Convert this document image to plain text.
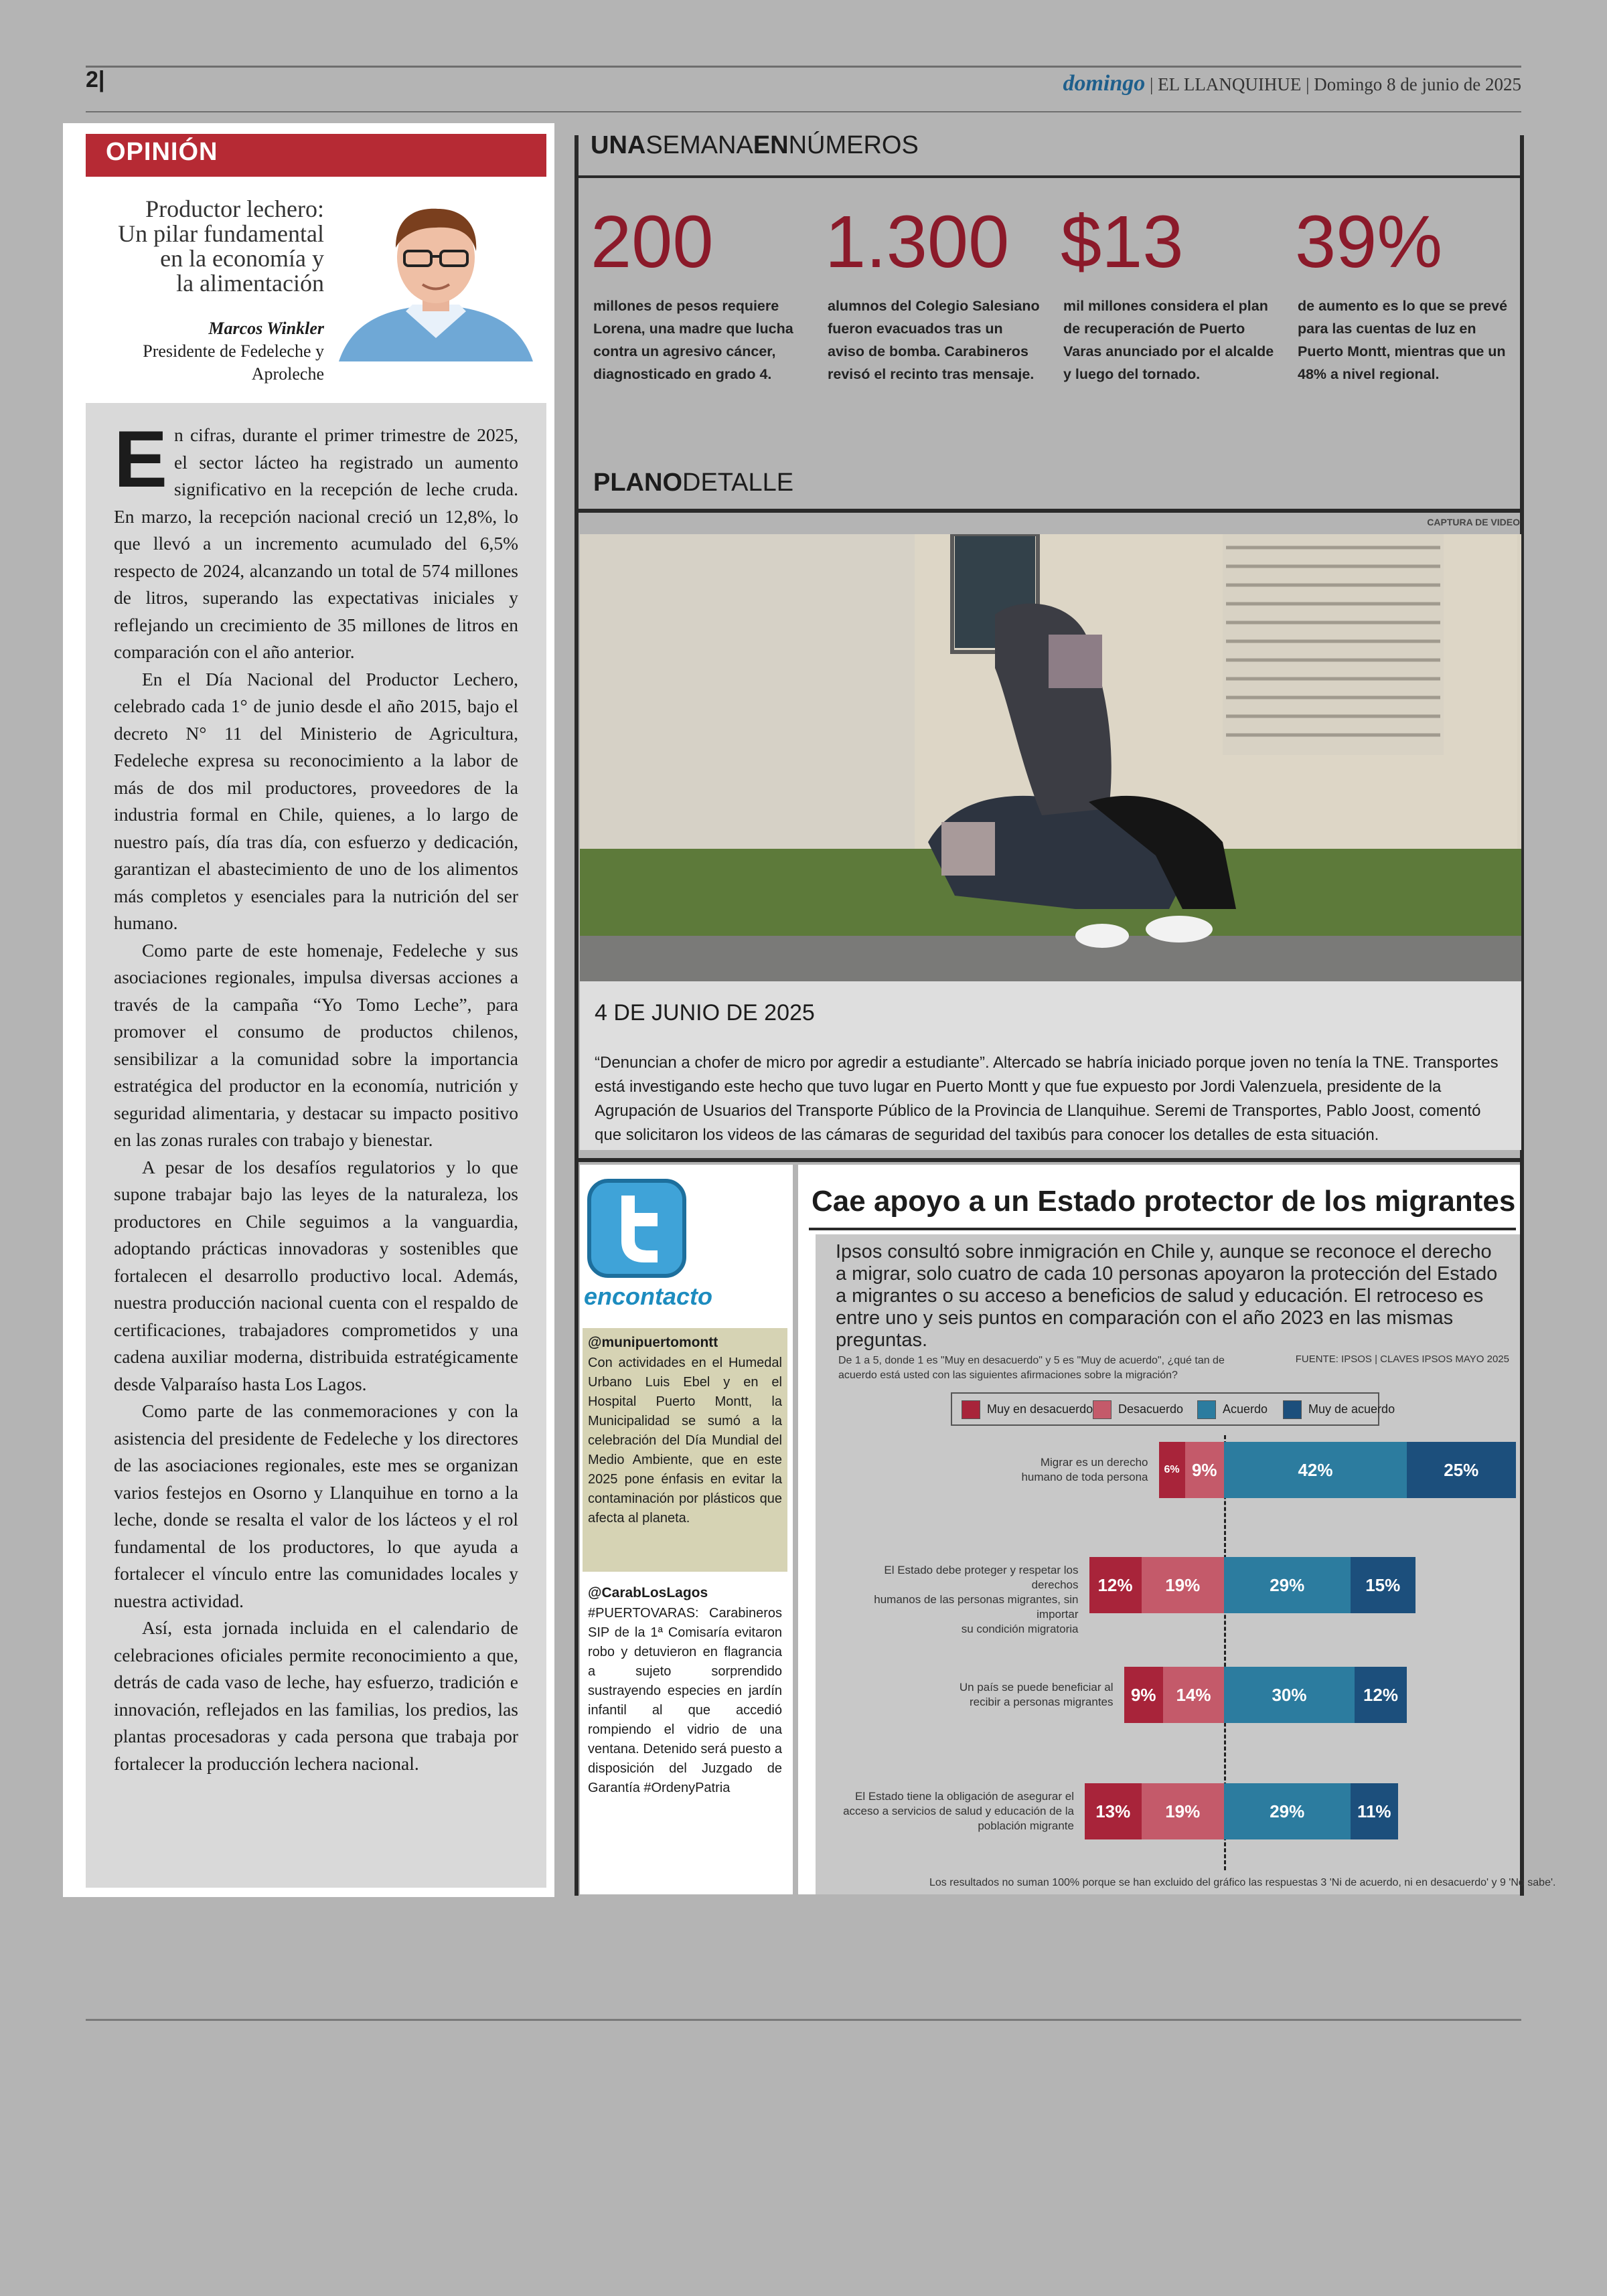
2|	domingo | EL LLANQUIHUE | Domingo 8 de junio de 2025
OPINIÓN
Productor lechero:
Un pilar fundamental
en la economía y
la alimentación
Marcos Winkler
Presidente de Fedeleche y
Aproleche

En cifras, durante el primer trimestre de 2025, el sector lácteo ha registrado un aumento significativo en la recepción de leche cruda. En marzo, la recepción nacional creció un 12,8%, lo que llevó a un incremento acumulado del 6,5% respecto de 2024, alcanzando un total de 574 millones de litros, superando las expectativas iniciales y reflejando un crecimiento de 35 millones de litros en comparación con el año anterior.

En el Día Nacional del Productor Lechero, celebrado cada 1° de junio desde el año 2015, bajo el decreto N° 11 del Ministerio de Agricultura, Fedeleche expresa su reconocimiento a la labor de más de dos mil productores, proveedores de la industria formal en Chile, quienes, a lo largo de nuestro país, día tras día, con esfuerzo y dedicación, garantizan el abastecimiento de uno de los alimentos más completos y esenciales para la nutrición del ser humano.

Como parte de este homenaje, Fedeleche y sus asociaciones regionales, impulsa diversas acciones a través de la campaña “Yo Tomo Leche”, para promover el consumo de productos chilenos, sensibilizar a la comunidad sobre la importancia estratégica del productor en la economía, nutrición y seguridad alimentaria, y destacar su impacto positivo en las zonas rurales con trabajo y bienestar.

A pesar de los desafíos regulatorios y lo que supone trabajar bajo las leyes de la naturaleza, los productores en Chile seguimos a la vanguardia, adoptando prácticas innovadoras y sostenibles que fortalecen el desarrollo productivo local. Además, nuestra producción nacional cuenta con el respaldo de certificaciones, trabajadores comprometidos y una cadena auxiliar moderna, distribuida estratégicamente desde Valparaíso hasta Los Lagos.

Como parte de las conmemoraciones y con la asistencia del presidente de Fedeleche y los directores de las asociaciones regionales, este mes se organizan varios festejos en Osorno y Llanquihue en torno a la leche, donde se resalta el valor de los lácteos y el rol fundamental de los productores, lo que ayuda a fortalecer el vínculo entre las comunidades locales y nuestra actividad.

Así, esta jornada incluida en el calendario de celebraciones oficiales permite reconocimiento a que, detrás de cada vaso de leche, hay esfuerzo, tradición e innovación, reflejados en las familias, los predios, las plantas procesadoras y cada persona que trabaja por fortalecer la producción lechera nacional.

UNASEMANAENNÚMEROS
200
millones de pesos requiere Lorena, una madre que lucha contra un agresivo cáncer, diagnosticado en grado 4.
1.300
alumnos del Colegio Salesiano fueron evacuados tras un aviso de bomba. Carabineros revisó el recinto tras mensaje.
$13
mil millones considera el plan de recuperación de Puerto Varas anunciado por el alcalde y luego del tornado.
39%
de aumento es lo que se prevé para las cuentas de luz en Puerto Montt, mientras que un 48% a nivel regional.
PLANODETALLE
CAPTURA DE VIDEO
4 DE JUNIO DE 2025
“Denuncian a chofer de micro por agredir a estudiante”. Altercado se habría iniciado porque joven no tenía la TNE. Transportes está investigando este hecho que tuvo lugar en Puerto Montt y que fue expuesto por Jordi Valenzuela, presidente de la Agrupación de Usuarios del Transporte Público de la Provincia de Llanquihue. Seremi de Transportes, Pablo Joost, comentó que solicitaron los videos de las cámaras de seguridad del taxibús para conocer los detalles de esta situación.
encontacto
@munipuertomontt
Con actividades en el Humedal Urbano Luis Ebel y en el Hospital Puerto Montt, la Municipalidad se sumó a la celebración del Día Mundial del Medio Ambiente, que en este 2025 pone énfasis en evitar la contaminación por plásticos que afecta al planeta.
@CarabLosLagos
#PUERTOVARAS: Carabineros SIP de la 1ª Comisaría evitaron robo y detuvieron en flagrancia a sujeto sorprendido sustrayendo especies en jardín infantil al que accedió rompiendo el vidrio de una ventana. Detenido será puesto a disposición del Juzgado de Garantía #OrdenyPatria
Cae apoyo a un Estado protector de los migrantes
Ipsos consultó sobre inmigración en Chile y, aunque se reconoce el derecho a migrar, solo cuatro de cada 10 personas apoyaron la protección del Estado a migrantes o su acceso a beneficios de salud y educación. El retroceso es entre uno y seis puntos en comparación con el año 2023 en las mismas preguntas.
De 1 a 5, donde 1 es "Muy en desacuerdo" y 5 es "Muy de acuerdo", ¿qué tan de acuerdo está usted con las siguientes afirmaciones sobre la migración?
FUENTE: IPSOS | CLAVES IPSOS MAYO 2025
Muy en desacuerdo	Desacuerdo	Acuerdo	Muy de acuerdo
Los resultados no suman 100% porque se han excluido del gráfico las respuestas 3 'Ni de acuerdo, ni en desacuerdo' y 9 'No sabe'.
Migrar es un derecho
humano de toda persona
6% 9%	42%	25%
El Estado debe proteger y respetar los derechos
humanos de las personas migrantes, sin importar
su condición migratoria
12% 19%	29%	15%
Un país se puede beneficiar al
recibir a personas migrantes 9% 14%	30%	12%
El Estado tiene la obligación de asegurar el
acceso a servicios de salud y educación de la
población migrante
13% 19%	29%	11%
